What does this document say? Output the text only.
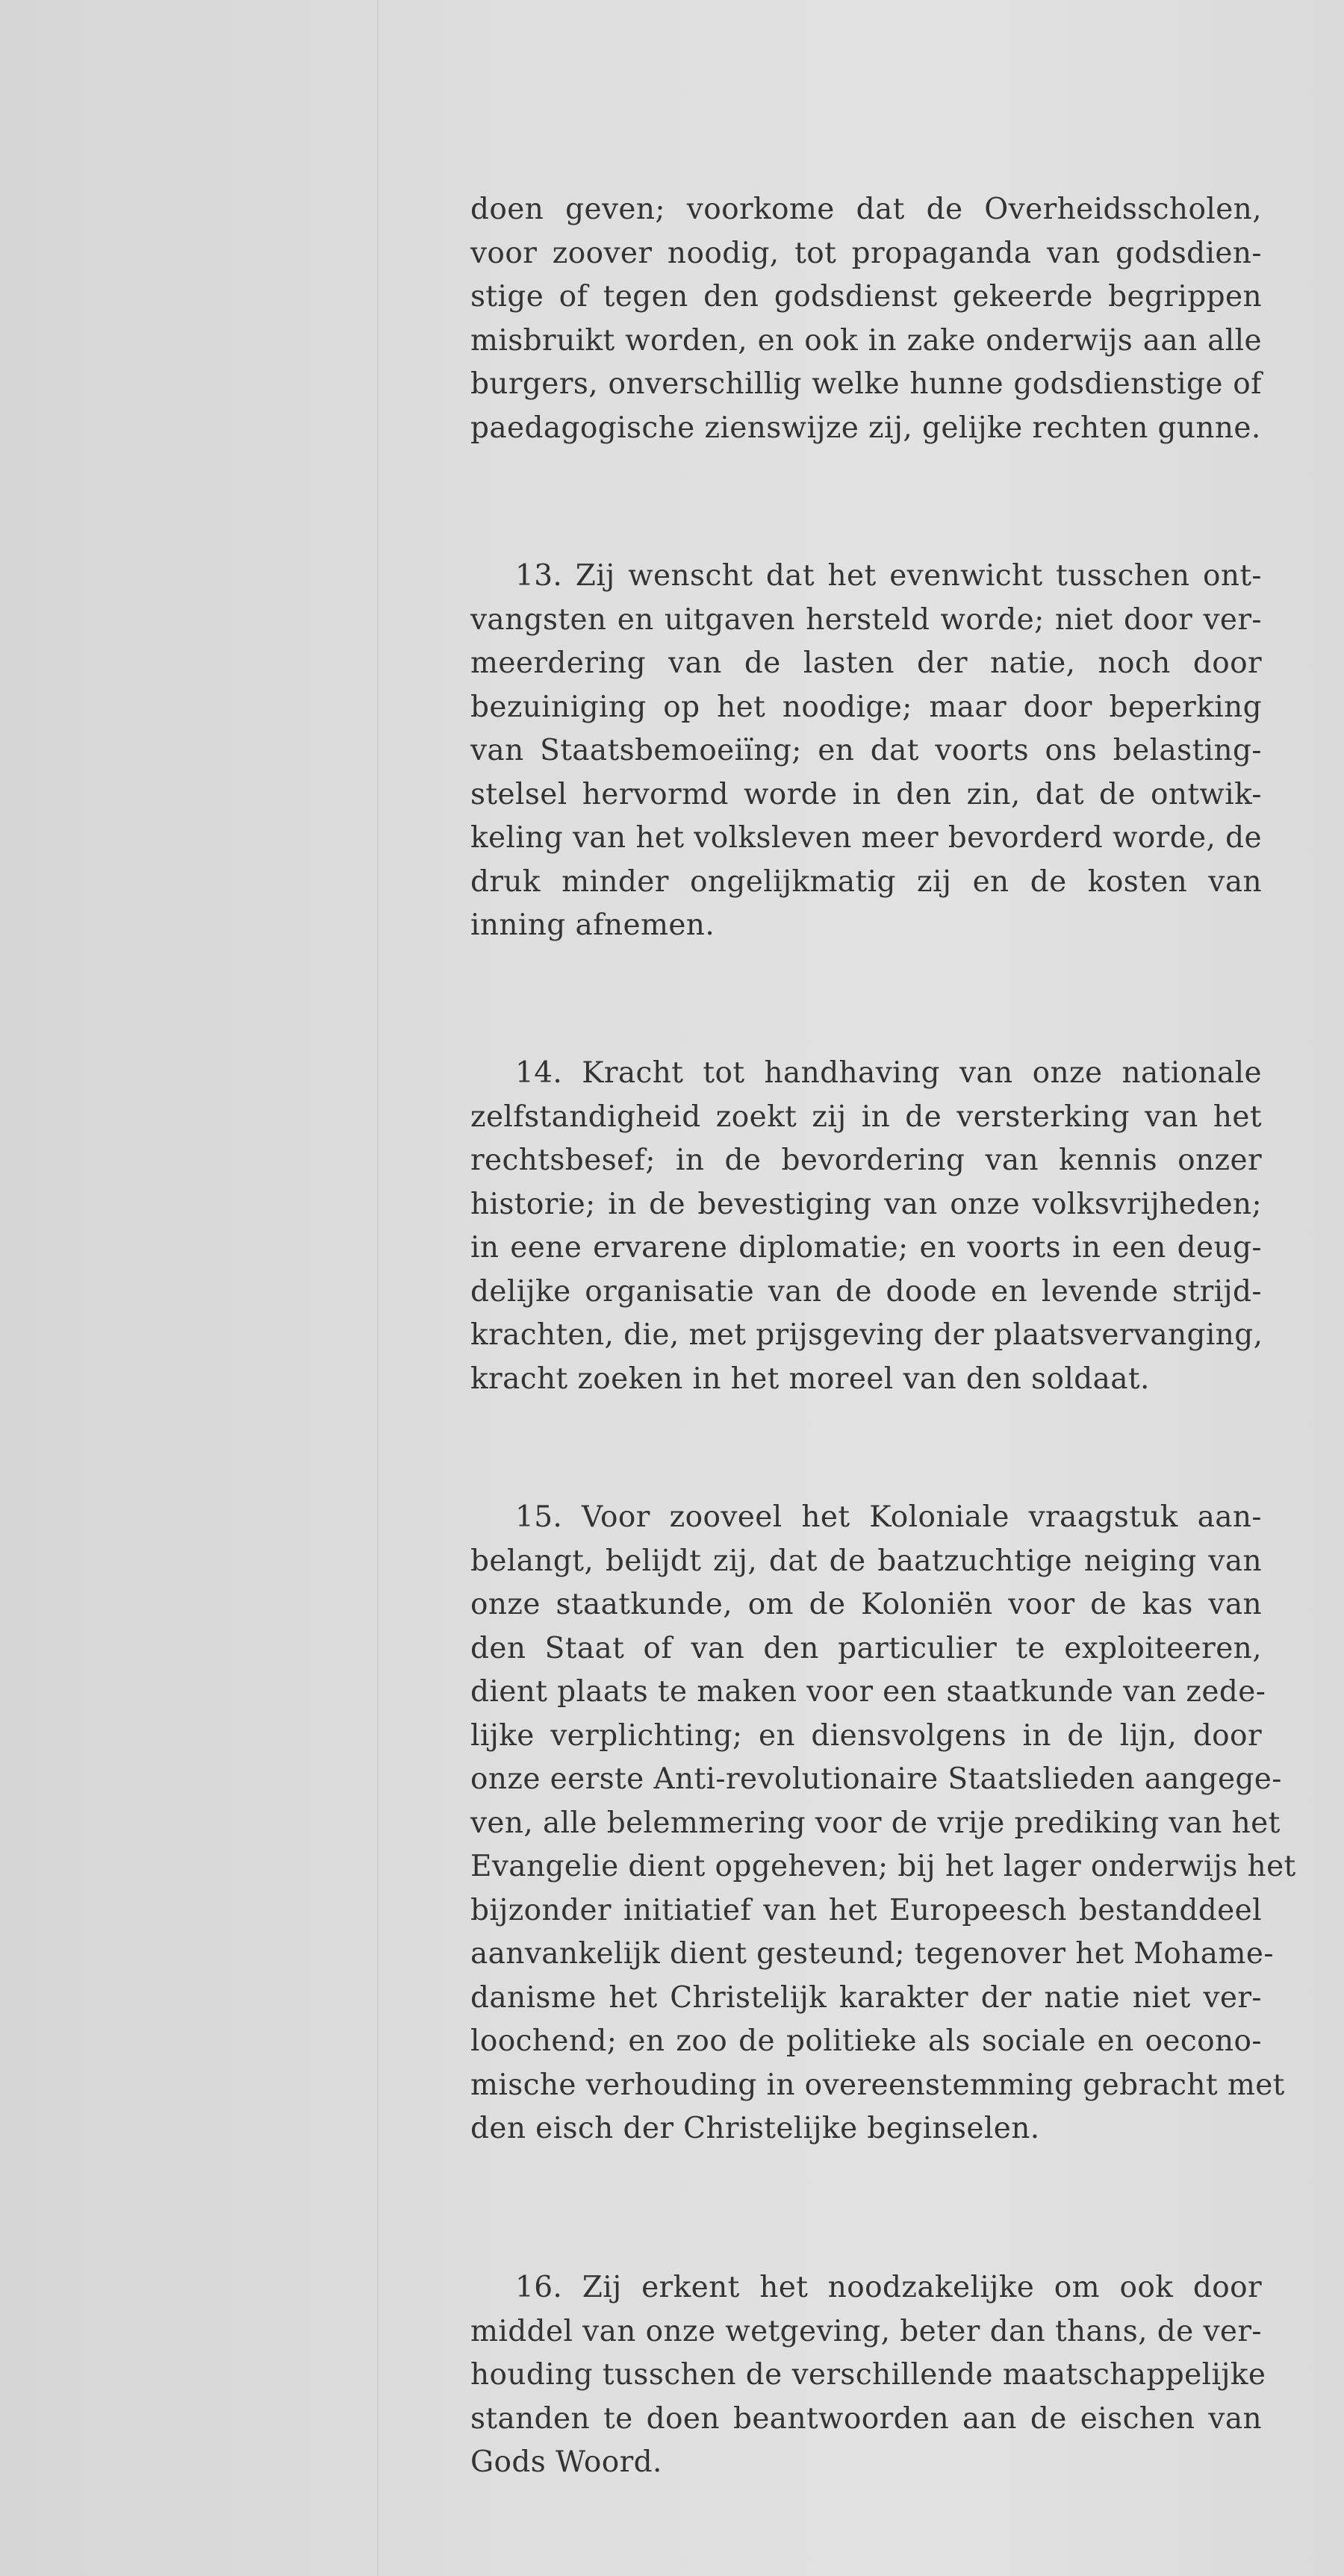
doen geven; voorkome dat de Overheidsscholen,
voor zoover noodig, tot propaganda van godsdien-
stige of tegen den godsdienst gekeerde begrippen
misbruikt worden, en ook in zake onderwijs aan alle
burgers, onverschillig welke hunne godsdienstige of
paedagogische zienswijze zij, gelijke rechten gunne.
13. Zij wenscht dat het evenwicht tusschen ont-
vangsten en uitgaven hersteld worde; niet door ver-
meerdering van de lasten der natie, noch door
bezuiniging op het noodige; maar door beperking
van Staatsbemoeiïng; en dat voorts ons belasting-
stelsel hervormd worde in den zin, dat de ontwik-
keling van het volksleven meer bevorderd worde, de
druk minder ongelijkmatig zij en de kosten van
inning afnemen.
14. Kracht tot handhaving van onze nationale
zelfstandigheid zoekt zij in de versterking van het
rechtsbesef; in de bevordering van kennis onzer
historie; in de bevestiging van onze volksvrijheden;
in eene ervarene diplomatie; en voorts in een deug-
delijke organisatie van de doode en levende strijd-
krachten, die, met prijsgeving der plaatsvervanging,
kracht zoeken in het moreel van den soldaat.
15. Voor zooveel het Koloniale vraagstuk aan-
belangt, belijdt zij, dat de baatzuchtige neiging van
onze staatkunde, om de Koloniën voor de kas van
den Staat of van den particulier te exploiteeren,
dient plaats te maken voor een staatkunde van zede-
lijke verplichting; en diensvolgens in de lijn, door
onze eerste Anti-revolutionaire Staatslieden aangege-
ven, alle belemmering voor de vrije prediking van het
Evangelie dient opgeheven; bij het lager onderwijs het
bijzonder initiatief van het Europeesch bestanddeel
aanvankelijk dient gesteund; tegenover het Mohame-
danisme het Christelijk karakter der natie niet ver-
loochend; en zoo de politieke als sociale en oecono-
mische verhouding in overeenstemming gebracht met
den eisch der Christelijke beginselen.
16. Zij erkent het noodzakelijke om ook door
middel van onze wetgeving, beter dan thans, de ver-
houding tusschen de verschillende maatschappelijke
standen te doen beantwoorden aan de eischen van
Gods Woord.
